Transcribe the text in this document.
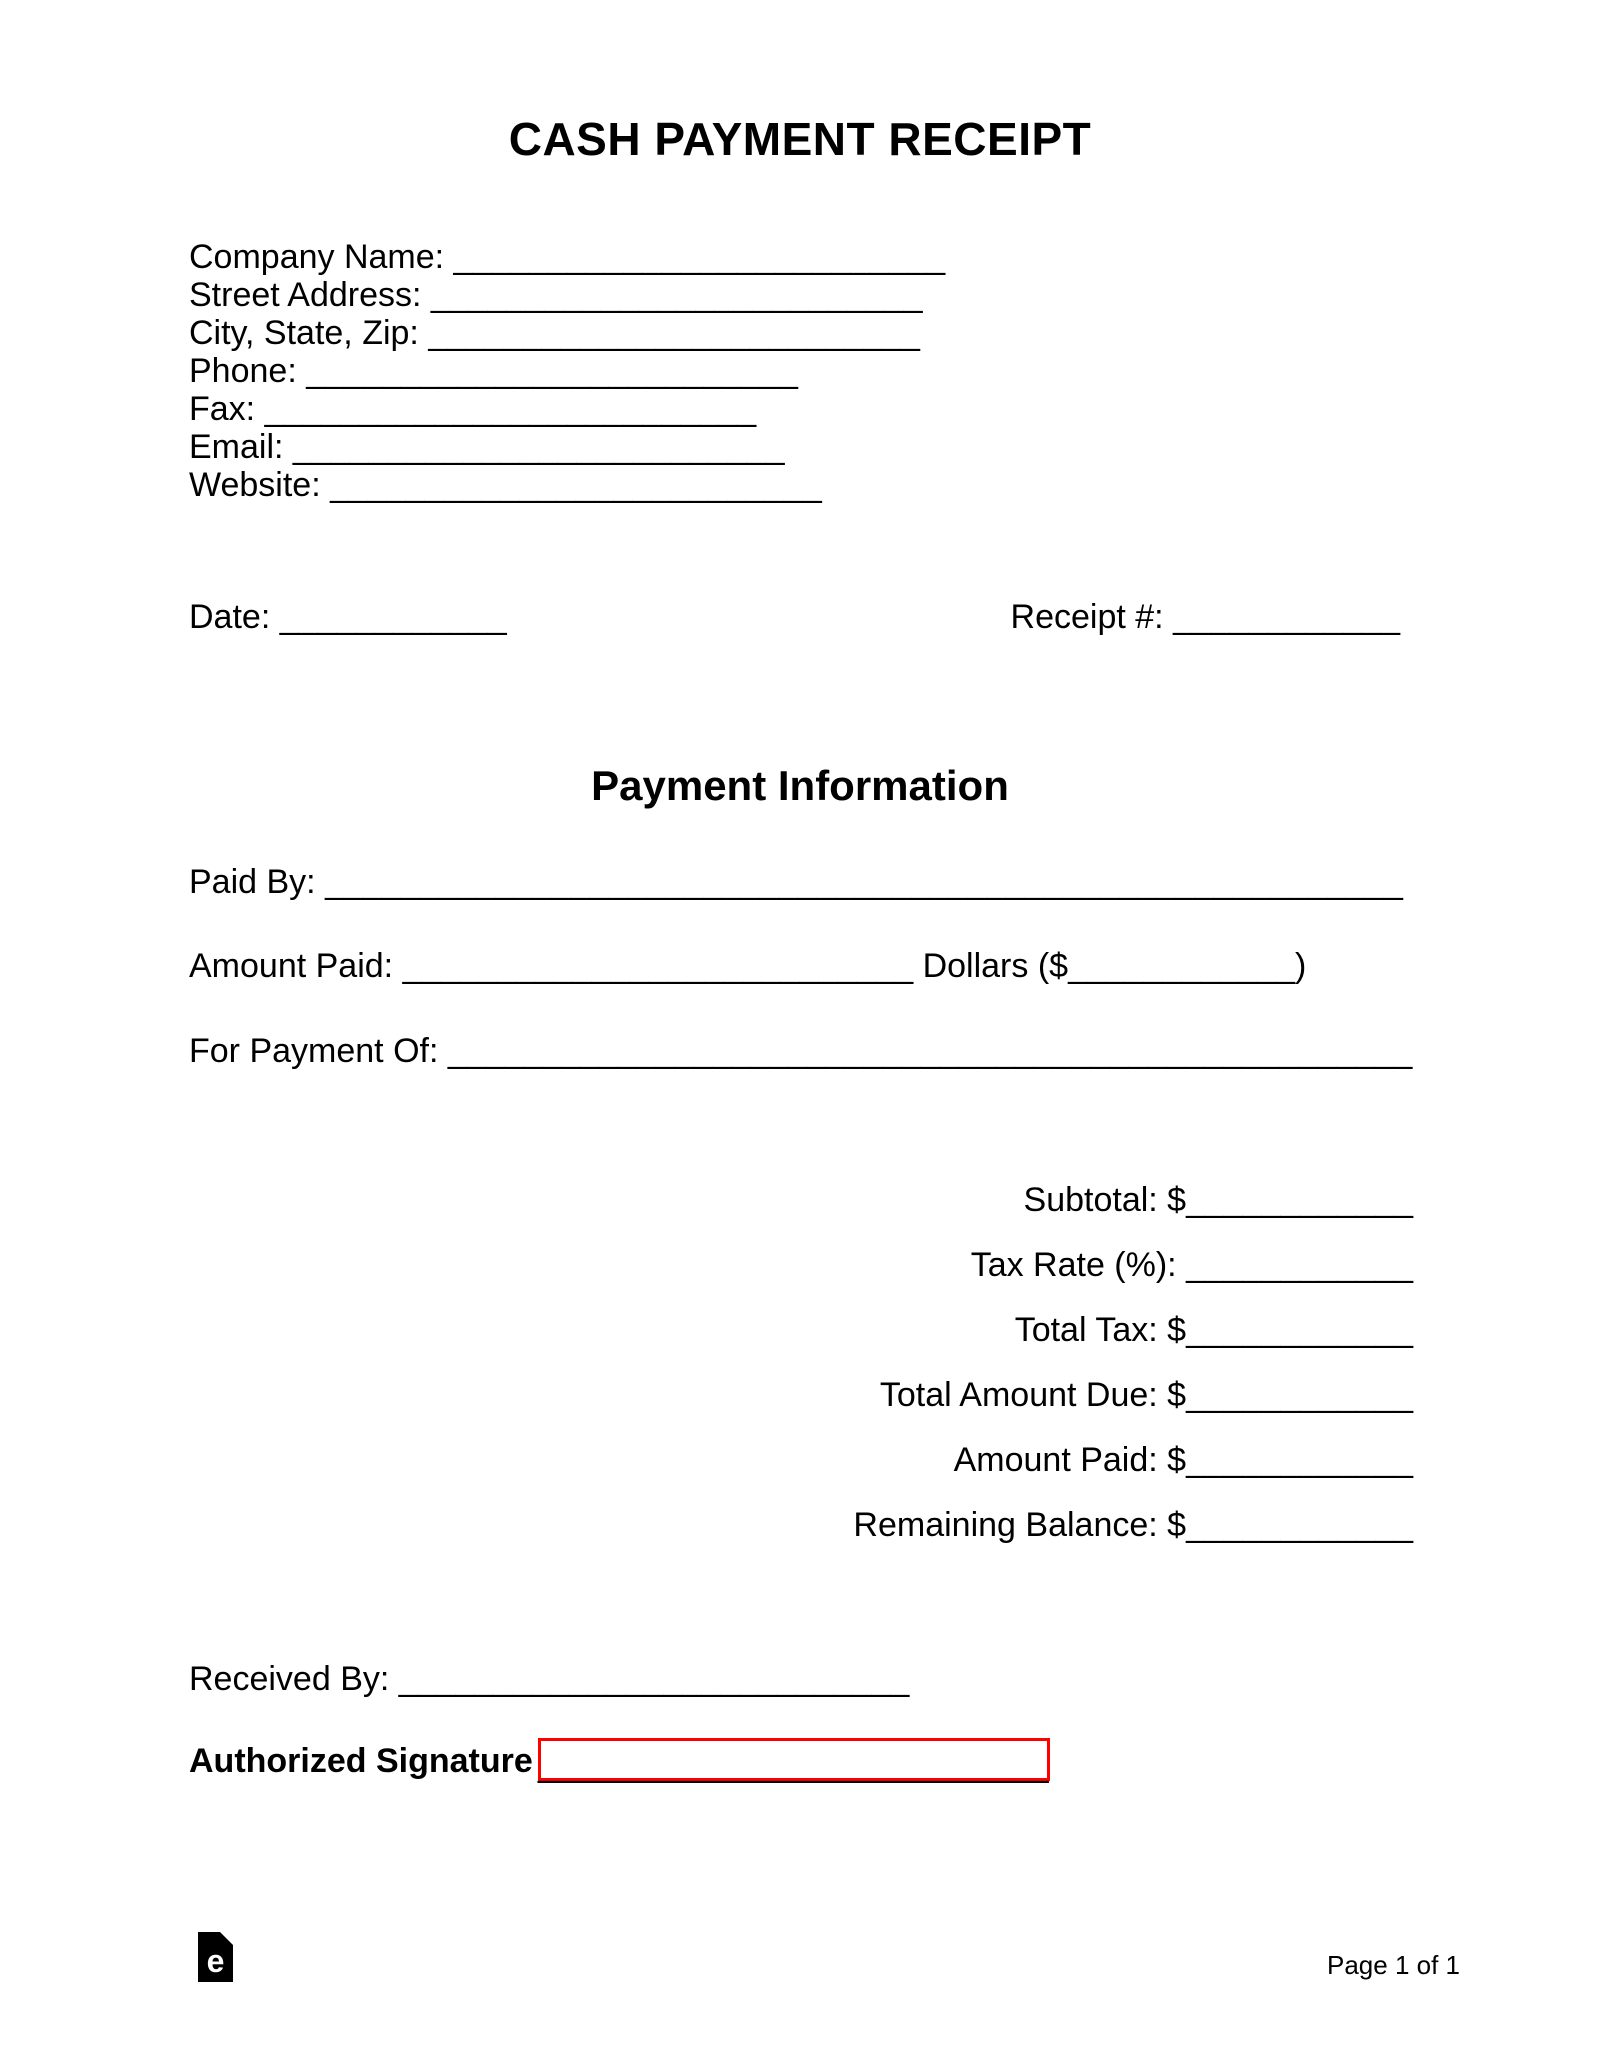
CASH PAYMENT RECEIPT
Company Name: __________________________
Street Address: __________________________
City, State, Zip: __________________________
Phone: __________________________
Fax: __________________________
Email: __________________________
Website: __________________________
Date: ____________	Receipt #: ____________
Payment Information
Paid By: _________________________________________________________
Amount Paid: ___________________________ Dollars ($____________)
For Payment Of: ___________________________________________________
Subtotal: $____________
Tax Rate (%): ____________
Total Tax: $____________
Total Amount Due: $____________
Amount Paid: $____________
Remaining Balance: $____________
Received By: ___________________________
Authorized Signature ___________________________
e	Page 1 of 1
